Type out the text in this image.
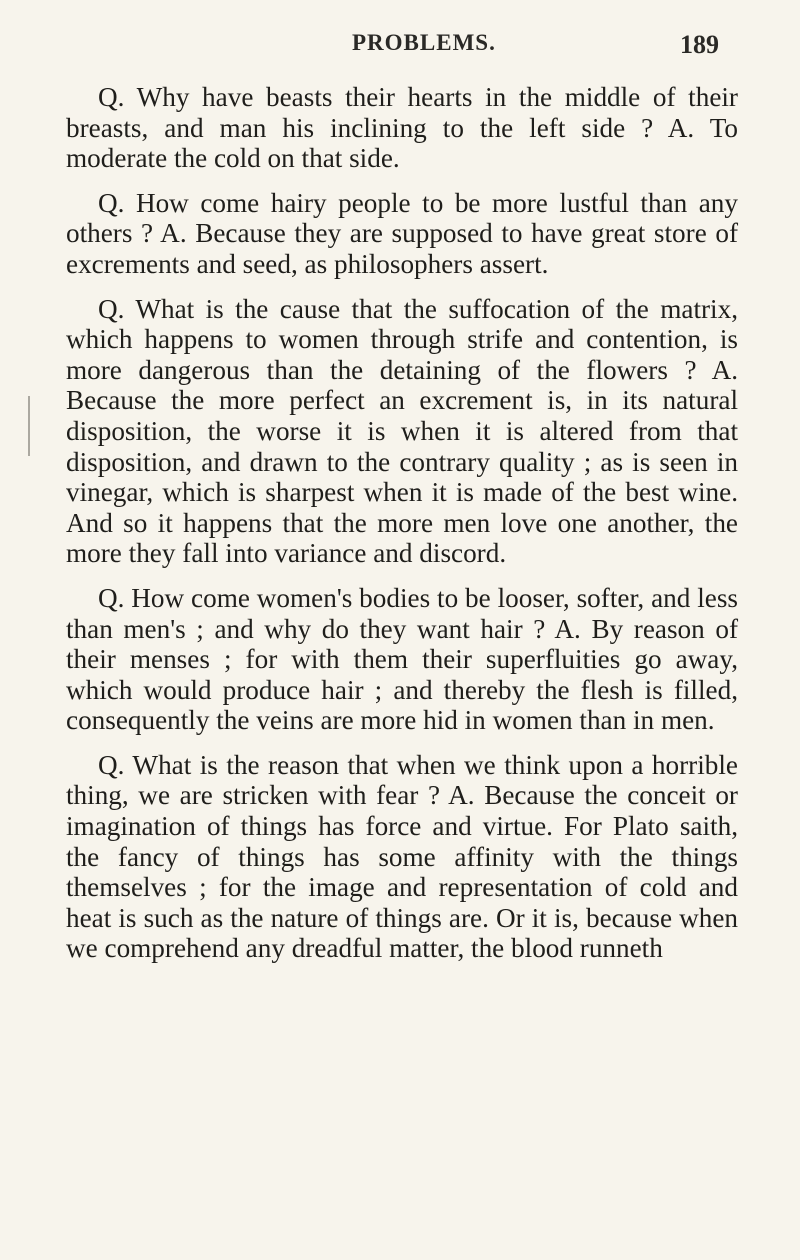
PROBLEMS.	189

Q. Why have beasts their hearts in the middle of their breasts, and man his inclining to the left side ? A. To moderate the cold on that side.

Q. How come hairy people to be more lustful than any others ? A. Because they are supposed to have great store of excrements and seed, as philosophers assert.

Q. What is the cause that the suffocation of the matrix, which happens to women through strife and contention, is more dangerous than the detaining of the flowers ? A. Because the more perfect an excrement is, in its natural disposition, the worse it is when it is altered from that disposition, and drawn to the contrary quality ; as is seen in vinegar, which is sharpest when it is made of the best wine. And so it happens that the more men love one another, the more they fall into variance and discord.

Q. How come women's bodies to be looser, softer, and less than men's ; and why do they want hair ? A. By reason of their menses ; for with them their superfluities go away, which would produce hair ; and thereby the flesh is filled, consequently the veins are more hid in women than in men.

Q. What is the reason that when we think upon a horrible thing, we are stricken with fear ? A. Because the conceit or imagination of things has force and virtue. For Plato saith, the fancy of things has some affinity with the things themselves ; for the image and representation of cold and heat is such as the nature of things are. Or it is, because when we comprehend any dreadful matter, the blood runneth
